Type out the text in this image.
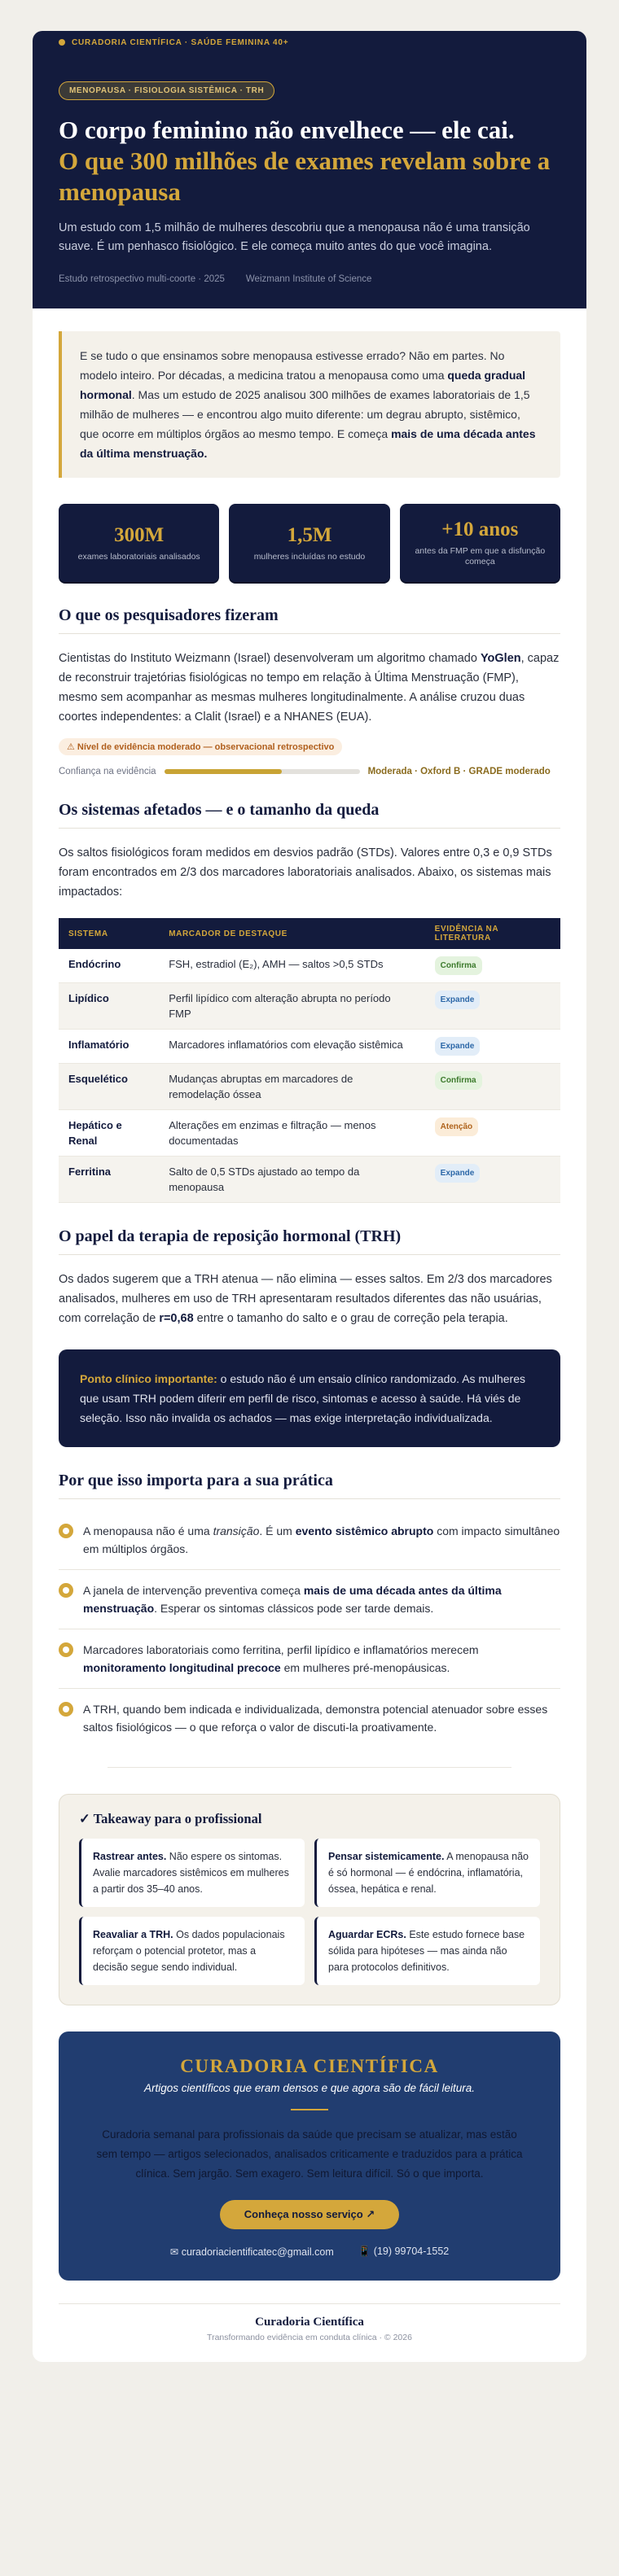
CURADORIA CIENTÍFICA · SAÚDE FEMININA 40+
MENOPAUSA · FISIOLOGIA SISTÊMICA · TRH
O corpo feminino não envelhece — ele cai.
O que 300 milhões de exames revelam sobre a menopausa

Um estudo com 1,5 milhão de mulheres descobriu que a menopausa não é uma transição suave. É um penhasco fisiológico. E ele começa muito antes do que você imagina.

Estudo retrospectivo multi-coorte · 2025 Weizmann Institute of Science
E se tudo o que ensinamos sobre menopausa estivesse errado? Não em partes. No modelo inteiro. Por décadas, a medicina tratou a menopausa como uma queda gradual hormonal. Mas um estudo de 2025 analisou 300 milhões de exames laboratoriais de 1,5 milhão de mulheres — e encontrou algo muito diferente: um degrau abrupto, sistêmico, que ocorre em múltiplos órgãos ao mesmo tempo. E começa mais de uma década antes da última menstruação.
300M
exames laboratoriais analisados
1,5M
mulheres incluídas no estudo
+10 anos
antes da FMP em que a disfunção começa
O que os pesquisadores fizeram

Cientistas do Instituto Weizmann (Israel) desenvolveram um algoritmo chamado YoGlen, capaz de reconstruir trajetórias fisiológicas no tempo em relação à Última Menstruação (FMP), mesmo sem acompanhar as mesmas mulheres longitudinalmente. A análise cruzou duas coortes independentes: a Clalit (Israel) e a NHANES (EUA).

⚠ Nível de evidência moderado — observacional retrospectivo
Confiança na evidência	Moderada · Oxford B · GRADE moderado
Os sistemas afetados — e o tamanho da queda

Os saltos fisiológicos foram medidos em desvios padrão (STDs). Valores entre 0,3 e 0,9 STDs foram encontrados em 2/3 dos marcadores laboratoriais analisados. Abaixo, os sistemas mais impactados:

SISTEMA	MARCADOR DE DESTAQUE	EVIDÊNCIA NA LITERATURA
Endócrino	FSH, estradiol (E₂), AMH — saltos >0,5 STDs	Confirma
Lipídico	Perfil lipídico com alteração abrupta no período FMP	Expande
Inflamatório	Marcadores inflamatórios com elevação sistêmica	Expande
Esquelético	Mudanças abruptas em marcadores de remodelação óssea	Confirma
Hepático e Renal	Alterações em enzimas e filtração — menos documentadas	Atenção
Ferritina	Salto de 0,5 STDs ajustado ao tempo da menopausa	Expande
O papel da terapia de reposição hormonal (TRH)

Os dados sugerem que a TRH atenua — não elimina — esses saltos. Em 2/3 dos marcadores analisados, mulheres em uso de TRH apresentaram resultados diferentes das não usuárias, com correlação de r=0,68 entre o tamanho do salto e o grau de correção pela terapia.

Ponto clínico importante: o estudo não é um ensaio clínico randomizado. As mulheres que usam TRH podem diferir em perfil de risco, sintomas e acesso à saúde. Há viés de seleção. Isso não invalida os achados — mas exige interpretação individualizada.
Por que isso importa para a sua prática
A menopausa não é uma transição. É um evento sistêmico abrupto com impacto simultâneo em múltiplos órgãos.
A janela de intervenção preventiva começa mais de uma década antes da última menstruação. Esperar os sintomas clássicos pode ser tarde demais.
Marcadores laboratoriais como ferritina, perfil lipídico e inflamatórios merecem monitoramento longitudinal precoce em mulheres pré-menopáusicas.
A TRH, quando bem indicada e individualizada, demonstra potencial atenuador sobre esses saltos fisiológicos — o que reforça o valor de discuti-la proativamente.
✓ Takeaway para o profissional
Rastrear antes. Não espere os sintomas. Avalie marcadores sistêmicos em mulheres a partir dos 35–40 anos.
Pensar sistemicamente. A menopausa não é só hormonal — é endócrina, inflamatória, óssea, hepática e renal.
Reavaliar a TRH. Os dados populacionais reforçam o potencial protetor, mas a decisão segue sendo individual.
Aguardar ECRs. Este estudo fornece base sólida para hipóteses — mas ainda não para protocolos definitivos.
CURADORIA CIENTÍFICA
Artigos científicos que eram densos e que agora são de fácil leitura.
Curadoria semanal para profissionais da saúde que precisam se atualizar, mas estão sem tempo — artigos selecionados, analisados criticamente e traduzidos para a prática clínica. Sem jargão. Sem exagero. Sem leitura difícil. Só o que importa.
Conheça nosso serviço ↗
✉ curadoriacientificatec@gmail.com 📱 (19) 99704-1552
Curadoria Científica
Transformando evidência em conduta clínica · © 2026
